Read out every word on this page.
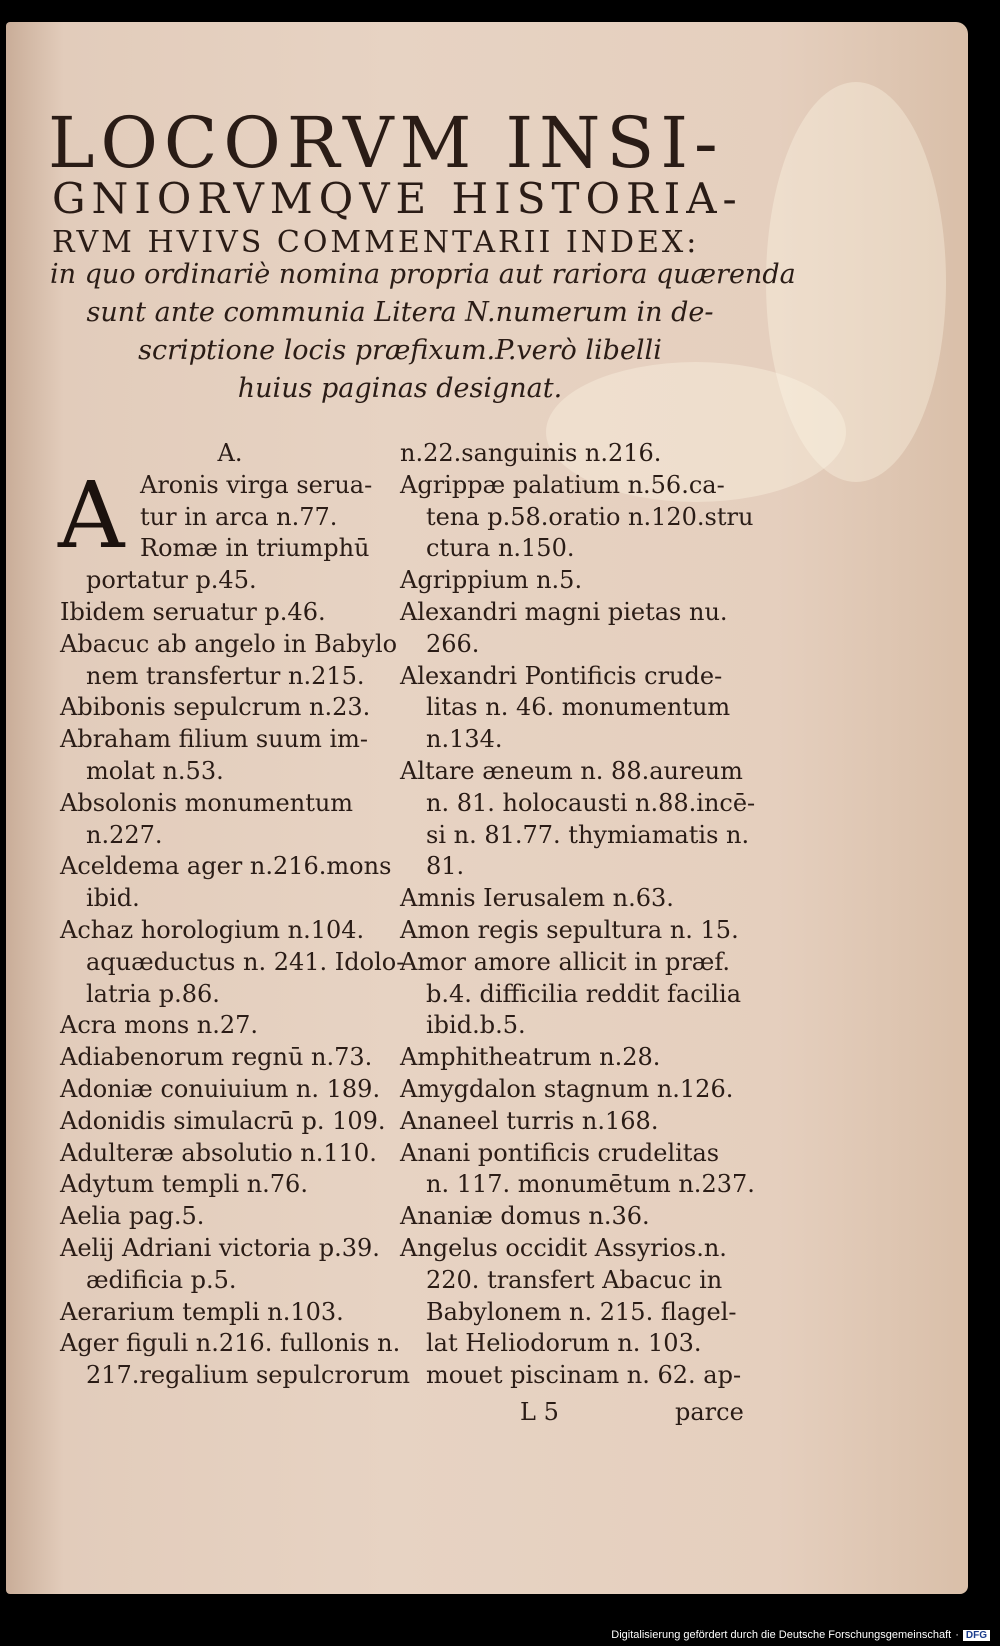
LOCORVM INSI-
GNIORVMQVE HISTORIA-
RVM HVIVS COMMENTARII INDEX:
in quo ordinariè nomina propria aut rariora quærenda
sunt ante communia Litera N.numerum in de-
scriptione locis præfixum.P.verò libelli
huius paginas designat.
A
A.
Aronis virga serua-
tur in arca n.77.
Romæ in triumphū
portatur p.45.
Ibidem seruatur p.46.
Abacuc ab angelo in Babylo
nem transfertur n.215.
Abibonis sepulcrum n.23.
Abraham filium suum im-
molat n.53.
Absolonis monumentum
n.227.
Aceldema ager n.216.mons
ibid.
Achaz horologium n.104.
aquæductus n. 241. Idolo-
latria p.86.
Acra mons n.27.
Adiabenorum regnū n.73.
Adoniæ conuiuium n. 189.
Adonidis simulacrū p. 109.
Adulteræ absolutio n.110.
Adytum templi n.76.
Aelia pag.5.
Aelij Adriani victoria p.39.
ædificia p.5.
Aerarium templi n.103.
Ager figuli n.216. fullonis n.
217.regalium sepulcrorum
n.22.sanguinis n.216.
Agrippæ palatium n.56.ca-
tena p.58.oratio n.120.stru
ctura n.150.
Agrippium n.5.
Alexandri magni pietas nu.
266.
Alexandri Pontificis crude-
litas n. 46. monumentum
n.134.
Altare æneum n. 88.aureum
n. 81. holocausti n.88.incē-
si n. 81.77. thymiamatis n.
81.
Amnis Ierusalem n.63.
Amon regis sepultura n. 15.
Amor amore allicit in præf.
b.4. difficilia reddit facilia
ibid.b.5.
Amphitheatrum n.28.
Amygdalon stagnum n.126.
Ananeel turris n.168.
Anani pontificis crudelitas
n. 117. monumētum n.237.
Ananiæ domus n.36.
Angelus occidit Assyrios.n.
220. transfert Abacuc in
Babylonem n. 215. flagel-
lat Heliodorum n. 103.
mouet piscinam n. 62. ap-
L 5	parce
Digitalisierung gefördert durch die Deutsche Forschungsgemeinschaft · DFG
